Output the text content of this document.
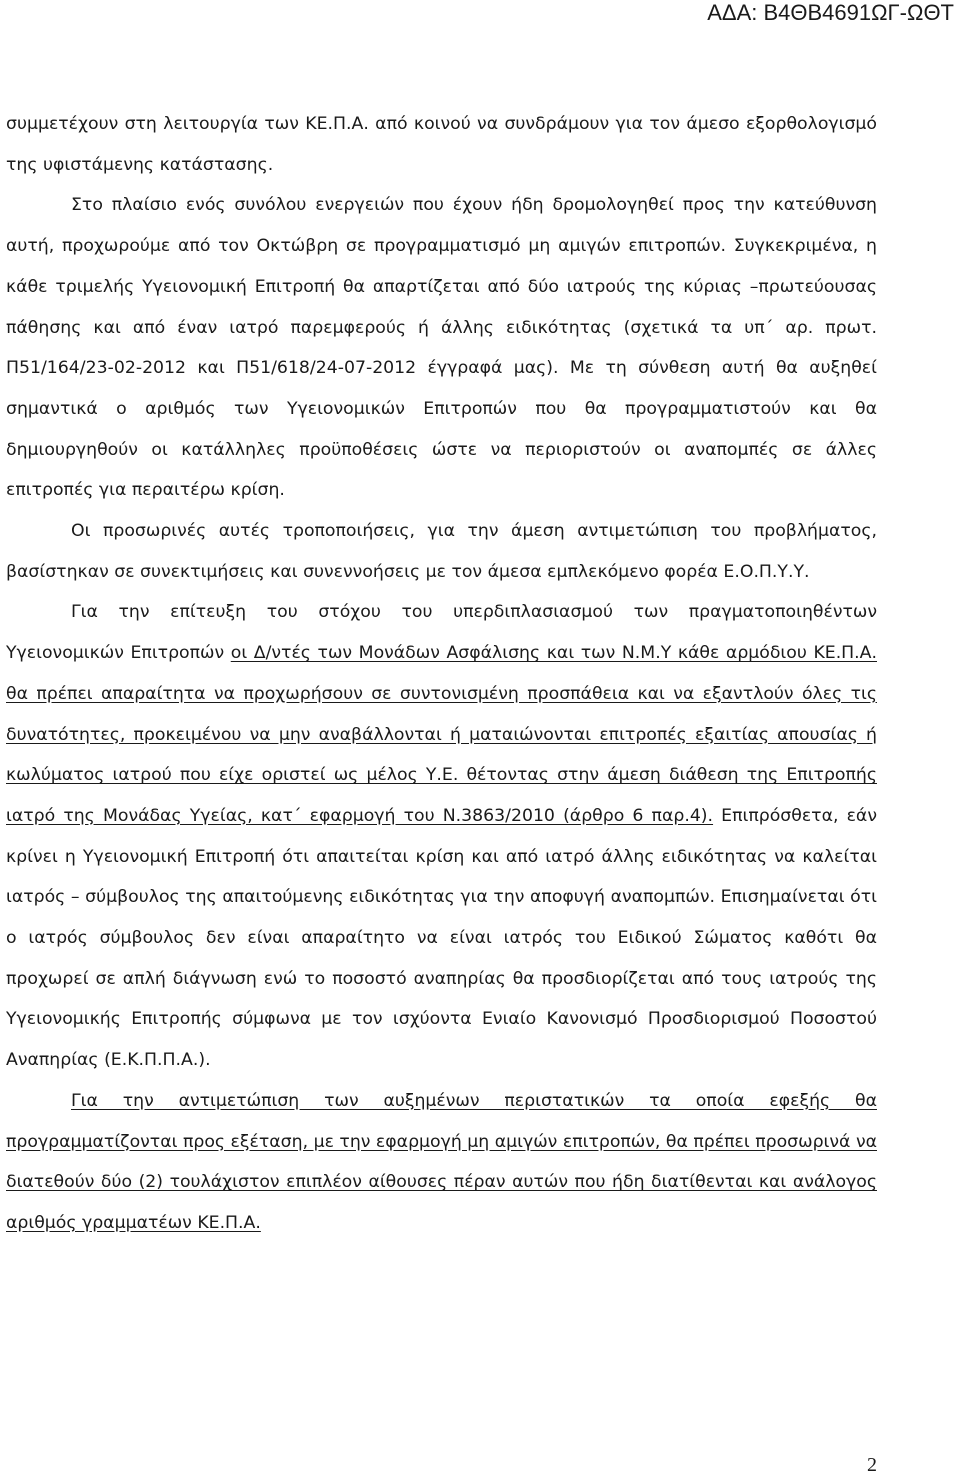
ΑΔΑ: Β4ΘΒ4691ΩΓ-ΩΘΤ

συμμετέχουν στη λειτουργία των ΚΕ.Π.Α. από κοινού να συνδράμουν για τον άμεσο εξορθολογισμό της υφιστάμενης κατάστασης.

Στο πλαίσιο ενός συνόλου ενεργειών που έχουν ήδη δρομολογηθεί προς την κατεύθυνση αυτή, προχωρούμε από τον Οκτώβρη σε προγραμματισμό μη αμιγών επιτροπών. Συγκεκριμένα, η κάθε τριμελής Υγειονομική Επιτροπή θα απαρτίζεται από δύο ιατρούς της κύριας –πρωτεύουσας πάθησης και από έναν ιατρό παρεμφερούς ή άλλης ειδικότητας (σχετικά τα υπ΄ αρ. πρωτ. Π51/164/23-02-2012 και Π51/618/24-07-2012 έγγραφά μας). Με τη σύνθεση αυτή θα αυξηθεί σημαντικά ο αριθμός των Υγειονομικών Επιτροπών που θα προγραμματιστούν και θα δημιουργηθούν οι κατάλληλες προϋποθέσεις ώστε να περιοριστούν οι αναπομπές σε άλλες επιτροπές για περαιτέρω κρίση.

Οι προσωρινές αυτές τροποποιήσεις, για την άμεση αντιμετώπιση του προβλήματος, βασίστηκαν σε συνεκτιμήσεις και συνεννοήσεις με τον άμεσα εμπλεκόμενο φορέα Ε.Ο.Π.Υ.Υ.

Για την επίτευξη του στόχου του υπερδιπλασιασμού των πραγματοποιηθέντων Υγειονομικών Επιτροπών οι Δ/ντές των Μονάδων Ασφάλισης και των Ν.Μ.Υ κάθε αρμόδιου ΚΕ.Π.Α. θα πρέπει απαραίτητα να προχωρήσουν σε συντονισμένη προσπάθεια και να εξαντλούν όλες τις δυνατότητες, προκειμένου να μην αναβάλλονται ή ματαιώνονται επιτροπές εξαιτίας απουσίας ή κωλύματος ιατρού που είχε οριστεί ως μέλος Υ.Ε. θέτοντας στην άμεση διάθεση της Επιτροπής ιατρό της Μονάδας Υγείας, κατ΄ εφαρμογή του Ν.3863/2010 (άρθρο 6 παρ.4). Επιπρόσθετα, εάν κρίνει η Υγειονομική Επιτροπή ότι απαιτείται κρίση και από ιατρό άλλης ειδικότητας να καλείται ιατρός – σύμβουλος της απαιτούμενης ειδικότητας για την αποφυγή αναπομπών. Επισημαίνεται ότι ο ιατρός σύμβουλος δεν είναι απαραίτητο να είναι ιατρός του Ειδικού Σώματος καθότι θα προχωρεί σε απλή διάγνωση ενώ το ποσοστό αναπηρίας θα προσδιορίζεται από τους ιατρούς της Υγειονομικής Επιτροπής σύμφωνα με τον ισχύοντα Ενιαίο Κανονισμό Προσδιορισμού Ποσοστού Αναπηρίας (Ε.Κ.Π.Π.Α.).

Για την αντιμετώπιση των αυξημένων περιστατικών τα οποία εφεξής θα προγραμματίζονται προς εξέταση, με την εφαρμογή μη αμιγών επιτροπών, θα πρέπει προσωρινά να διατεθούν δύο (2) τουλάχιστον επιπλέον αίθουσες πέραν αυτών που ήδη διατίθενται και ανάλογος αριθμός γραμματέων ΚΕ.Π.Α.

2
